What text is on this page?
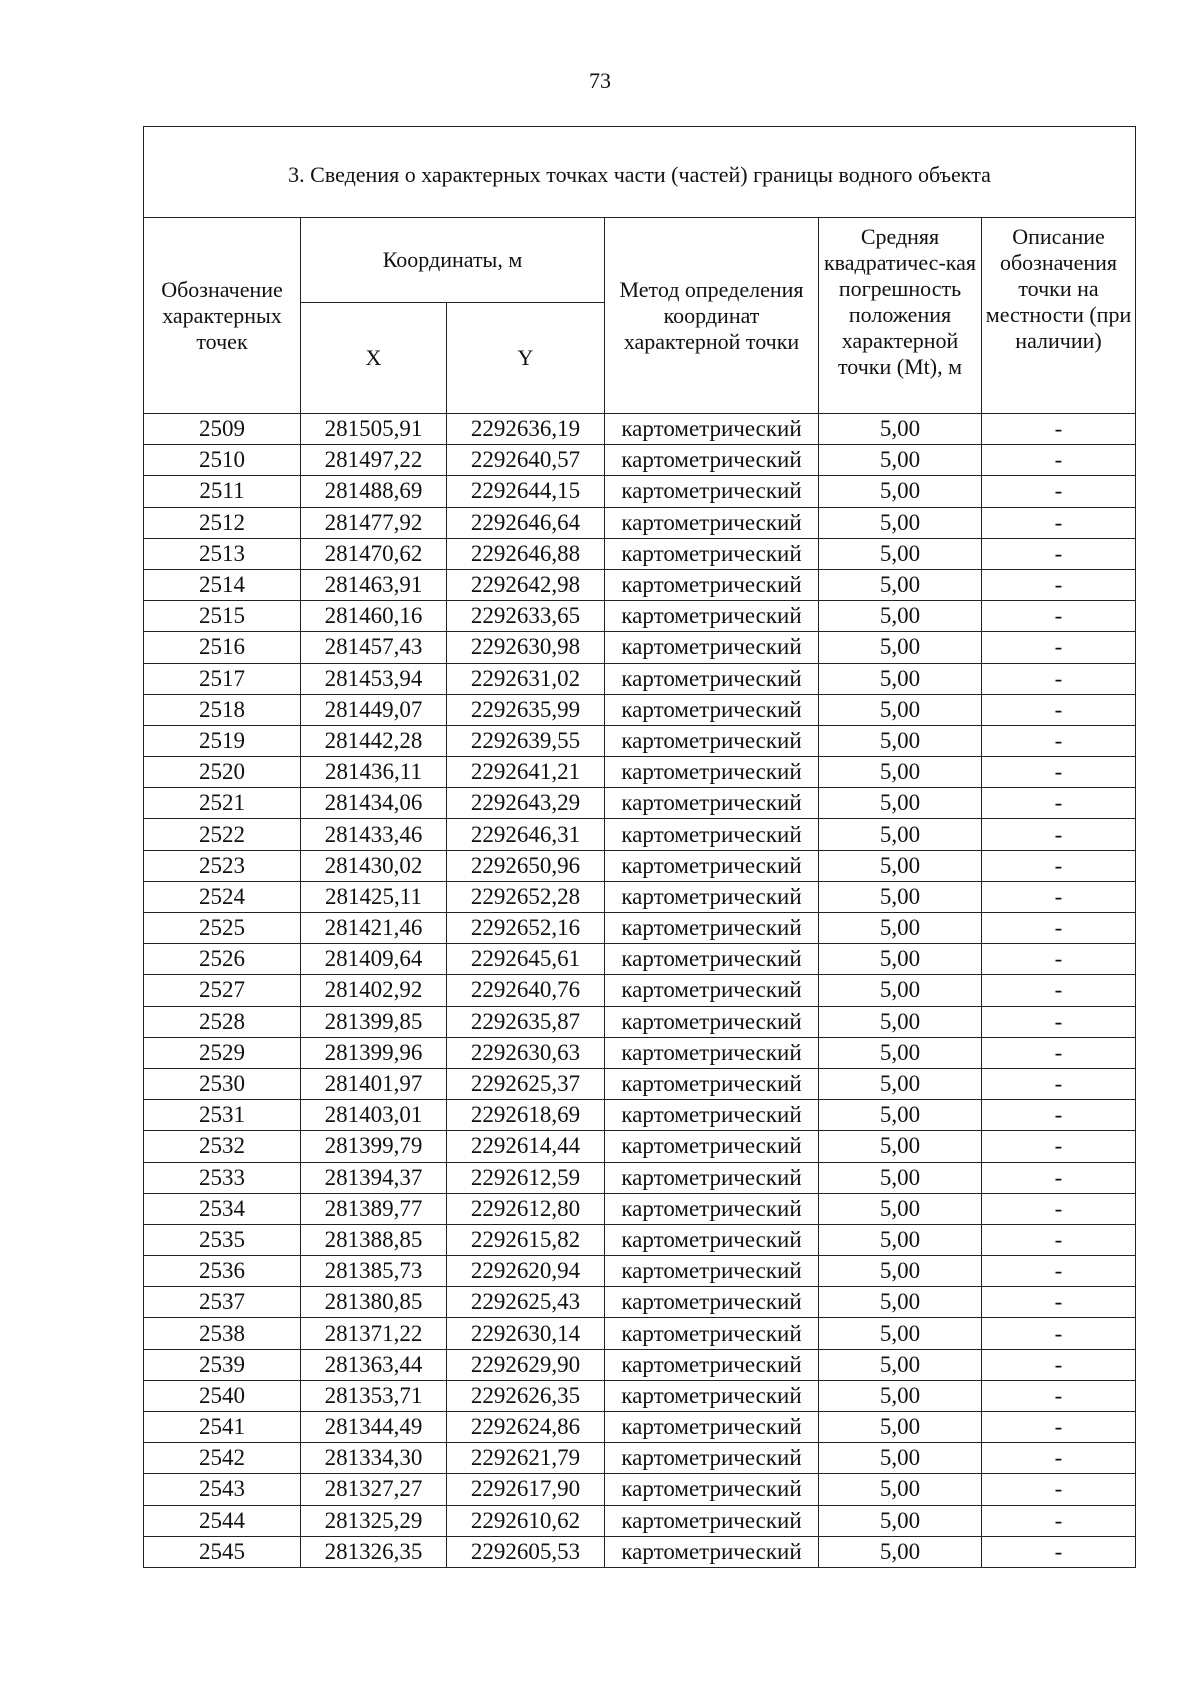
73
3. Сведения о характерных точках части (частей) границы водного объекта					
Обозначение характерных точек	Координаты, м		Метод определения координат характерной точки	Средняя квадратичес-кая погрешность положения характерной точки (Mt), м	Описание обозначения точки на местности (при наличии)
	X	Y			
2509	281505,91	2292636,19	картометрический	5,00	-
2510	281497,22	2292640,57	картометрический	5,00	-
2511	281488,69	2292644,15	картометрический	5,00	-
2512	281477,92	2292646,64	картометрический	5,00	-
2513	281470,62	2292646,88	картометрический	5,00	-
2514	281463,91	2292642,98	картометрический	5,00	-
2515	281460,16	2292633,65	картометрический	5,00	-
2516	281457,43	2292630,98	картометрический	5,00	-
2517	281453,94	2292631,02	картометрический	5,00	-
2518	281449,07	2292635,99	картометрический	5,00	-
2519	281442,28	2292639,55	картометрический	5,00	-
2520	281436,11	2292641,21	картометрический	5,00	-
2521	281434,06	2292643,29	картометрический	5,00	-
2522	281433,46	2292646,31	картометрический	5,00	-
2523	281430,02	2292650,96	картометрический	5,00	-
2524	281425,11	2292652,28	картометрический	5,00	-
2525	281421,46	2292652,16	картометрический	5,00	-
2526	281409,64	2292645,61	картометрический	5,00	-
2527	281402,92	2292640,76	картометрический	5,00	-
2528	281399,85	2292635,87	картометрический	5,00	-
2529	281399,96	2292630,63	картометрический	5,00	-
2530	281401,97	2292625,37	картометрический	5,00	-
2531	281403,01	2292618,69	картометрический	5,00	-
2532	281399,79	2292614,44	картометрический	5,00	-
2533	281394,37	2292612,59	картометрический	5,00	-
2534	281389,77	2292612,80	картометрический	5,00	-
2535	281388,85	2292615,82	картометрический	5,00	-
2536	281385,73	2292620,94	картометрический	5,00	-
2537	281380,85	2292625,43	картометрический	5,00	-
2538	281371,22	2292630,14	картометрический	5,00	-
2539	281363,44	2292629,90	картометрический	5,00	-
2540	281353,71	2292626,35	картометрический	5,00	-
2541	281344,49	2292624,86	картометрический	5,00	-
2542	281334,30	2292621,79	картометрический	5,00	-
2543	281327,27	2292617,90	картометрический	5,00	-
2544	281325,29	2292610,62	картометрический	5,00	-
2545	281326,35	2292605,53	картометрический	5,00	-
